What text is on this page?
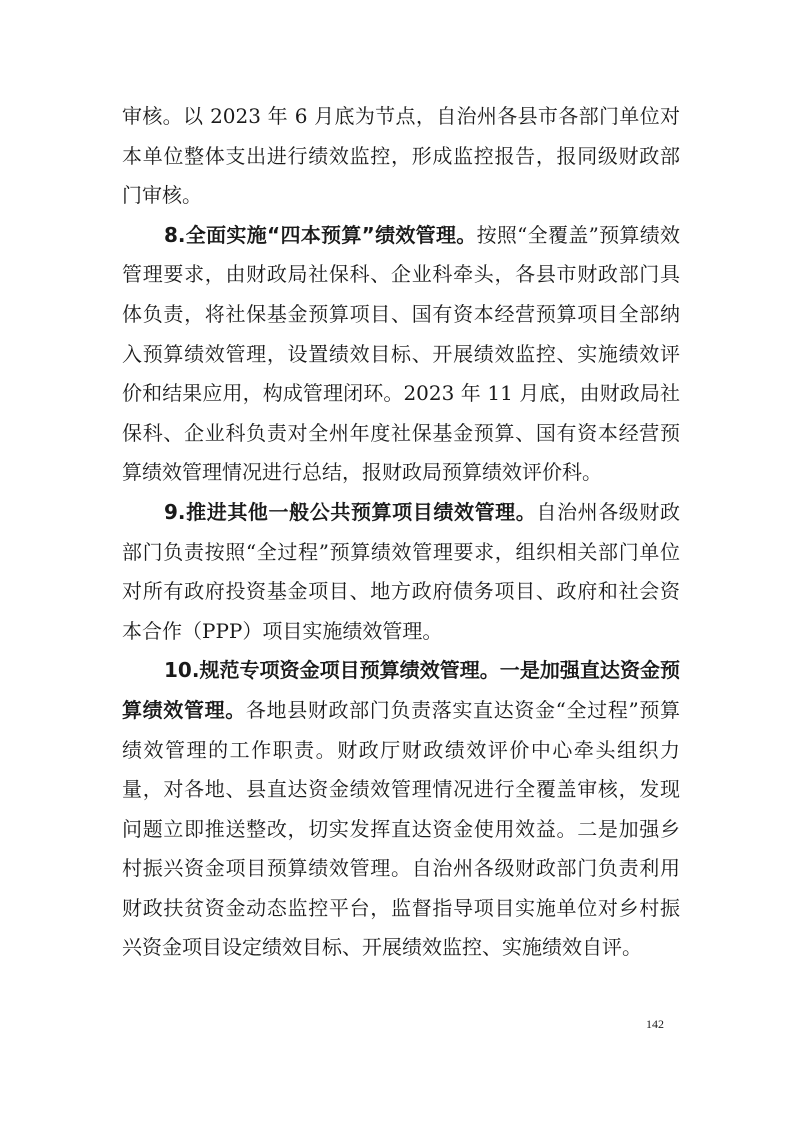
审核。以 2023 年 6 月底为节点，自治州各县市各部门单位对本单位整体支出进行绩效监控，形成监控报告，报同级财政部门审核。

8.全面实施“四本预算”绩效管理。按照“全覆盖”预算绩效管理要求，由财政局社保科、企业科牵头，各县市财政部门具体负责，将社保基金预算项目、国有资本经营预算项目全部纳入预算绩效管理，设置绩效目标、开展绩效监控、实施绩效评价和结果应用，构成管理闭环。2023 年 11 月底，由财政局社保科、企业科负责对全州年度社保基金预算、国有资本经营预算绩效管理情况进行总结，报财政局预算绩效评价科。

9.推进其他一般公共预算项目绩效管理。自治州各级财政部门负责按照“全过程”预算绩效管理要求，组织相关部门单位对所有政府投资基金项目、地方政府债务项目、政府和社会资本合作（PPP）项目实施绩效管理。

10.规范专项资金项目预算绩效管理。一是加强直达资金预算绩效管理。各地县财政部门负责落实直达资金“全过程”预算绩效管理的工作职责。财政厅财政绩效评价中心牵头组织力量，对各地、县直达资金绩效管理情况进行全覆盖审核，发现问题立即推送整改，切实发挥直达资金使用效益。二是加强乡村振兴资金项目预算绩效管理。自治州各级财政部门负责利用财政扶贫资金动态监控平台，监督指导项目实施单位对乡村振兴资金项目设定绩效目标、开展绩效监控、实施绩效自评。

142
